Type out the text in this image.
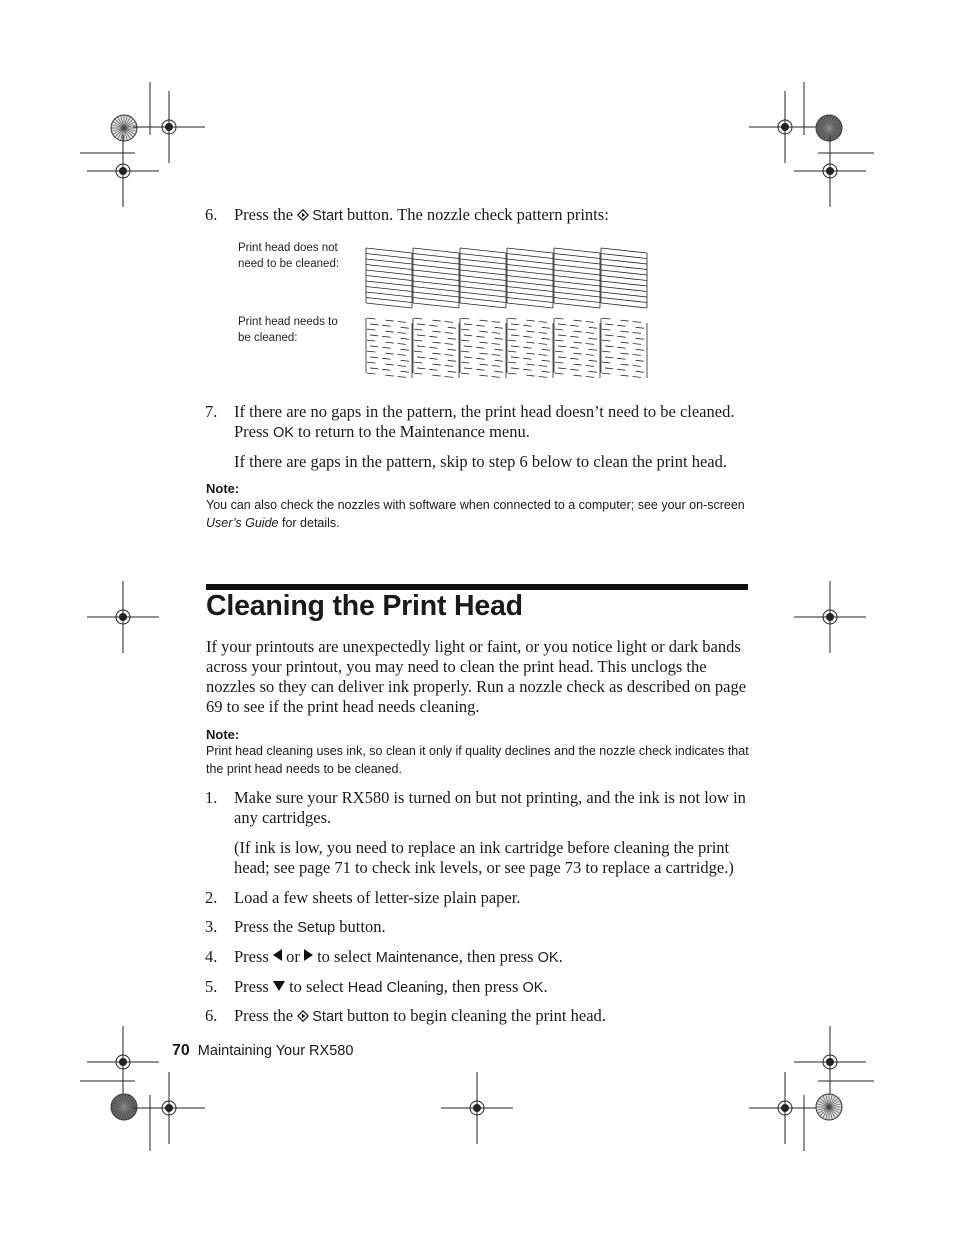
6. Press the Start button. The nozzle check pattern prints:
Print head does not need to be cleaned:
Print head needs to be cleaned:
7. If there are no gaps in the pattern, the print head doesn’t need to be cleaned. Press OK to return to the Maintenance menu.
If there are gaps in the pattern, skip to step 6 below to clean the print head.
Note:
You can also check the nozzles with software when connected to a computer; see your on-screen User’s Guide for details.
Cleaning the Print Head
If your printouts are unexpectedly light or faint, or you notice light or dark bands across your printout, you may need to clean the print head. This unclogs the nozzles so they can deliver ink properly. Run a nozzle check as described on page 69 to see if the print head needs cleaning.
Note:
Print head cleaning uses ink, so clean it only if quality declines and the nozzle check indicates that the print head needs to be cleaned.
1. Make sure your RX580 is turned on but not printing, and the ink is not low in any cartridges.
(If ink is low, you need to replace an ink cartridge before cleaning the print head; see page 71 to check ink levels, or see page 73 to replace a cartridge.)
2. Load a few sheets of letter-size plain paper.
3. Press the Setup button.
4. Press or to select Maintenance, then press OK.
5. Press to select Head Cleaning, then press OK.
6. Press the Start button to begin cleaning the print head.
70 Maintaining Your RX580
